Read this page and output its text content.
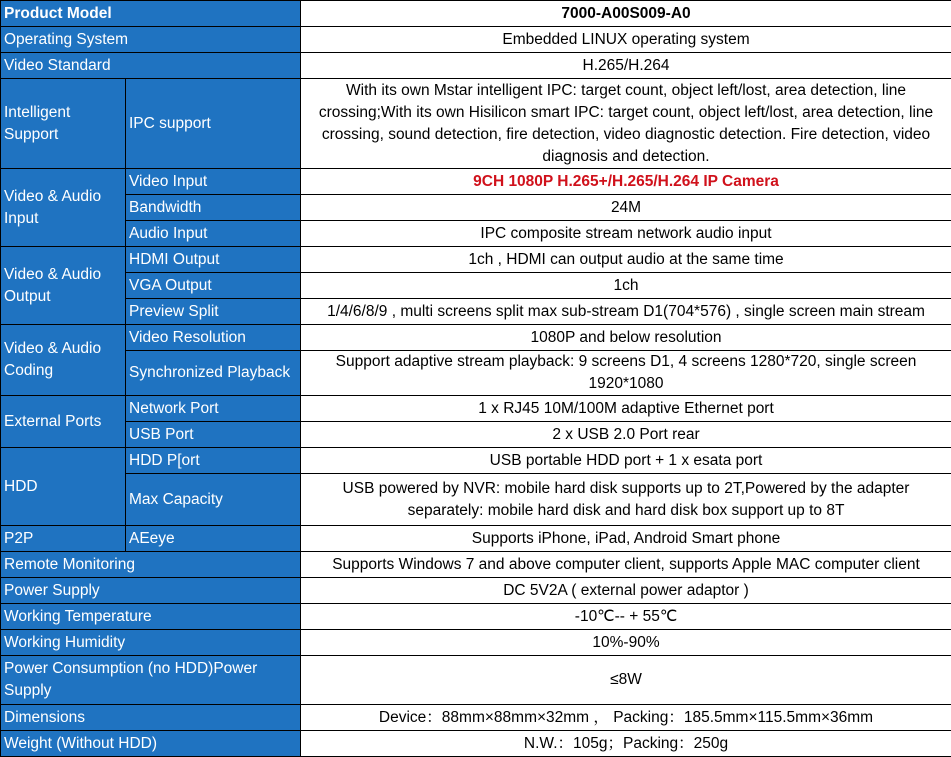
Product Model		7000-A00S009-A0
Operating System		Embedded LINUX operating system
Video Standard		H.265/H.264
Intelligent Support	IPC support	With its own Mstar intelligent IPC: target count, object left/lost, area detection, line crossing;With its own Hisilicon smart IPC: target count, object left/lost, area detection, line crossing, sound detection, fire detection, video diagnostic detection. Fire detection, video diagnosis and detection.
Video & Audio Input	Video Input	9CH 1080P H.265+/H.265/H.264 IP Camera
	Bandwidth	24M
	Audio Input	IPC composite stream network audio input
Video & Audio Output	HDMI Output	1ch , HDMI can output audio at the same time
	VGA Output	1ch
	Preview Split	1/4/6/8/9 , multi screens split max sub-stream D1(704*576) , single screen main stream
Video & Audio Coding	Video Resolution	1080P and below resolution
	Synchronized Playback	Support adaptive stream playback: 9 screens D1, 4 screens 1280*720, single screen 1920*1080
External Ports	Network Port	1 x RJ45 10M/100M adaptive Ethernet port
	USB Port	2 x USB 2.0 Port rear
HDD	HDD P[ort	USB portable HDD port + 1 x esata port
	Max Capacity	USB powered by NVR: mobile hard disk supports up to 2T,Powered by the adapter separately: mobile hard disk and hard disk box support up to 8T
P2P	AEeye	Supports iPhone, iPad, Android Smart phone
Remote Monitoring		Supports Windows 7 and above computer client, supports Apple MAC computer client
Power Supply		DC 5V2A ( external power adaptor )
Working Temperature		-10℃-- + 55℃
Working Humidity		10%-90%
Power Consumption (no HDD)Power Supply		≤8W
Dimensions		Device：88mm×88mm×32mm ， Packing：185.5mm×115.5mm×36mm
Weight (Without HDD)		N.W.：105g；Packing：250g
